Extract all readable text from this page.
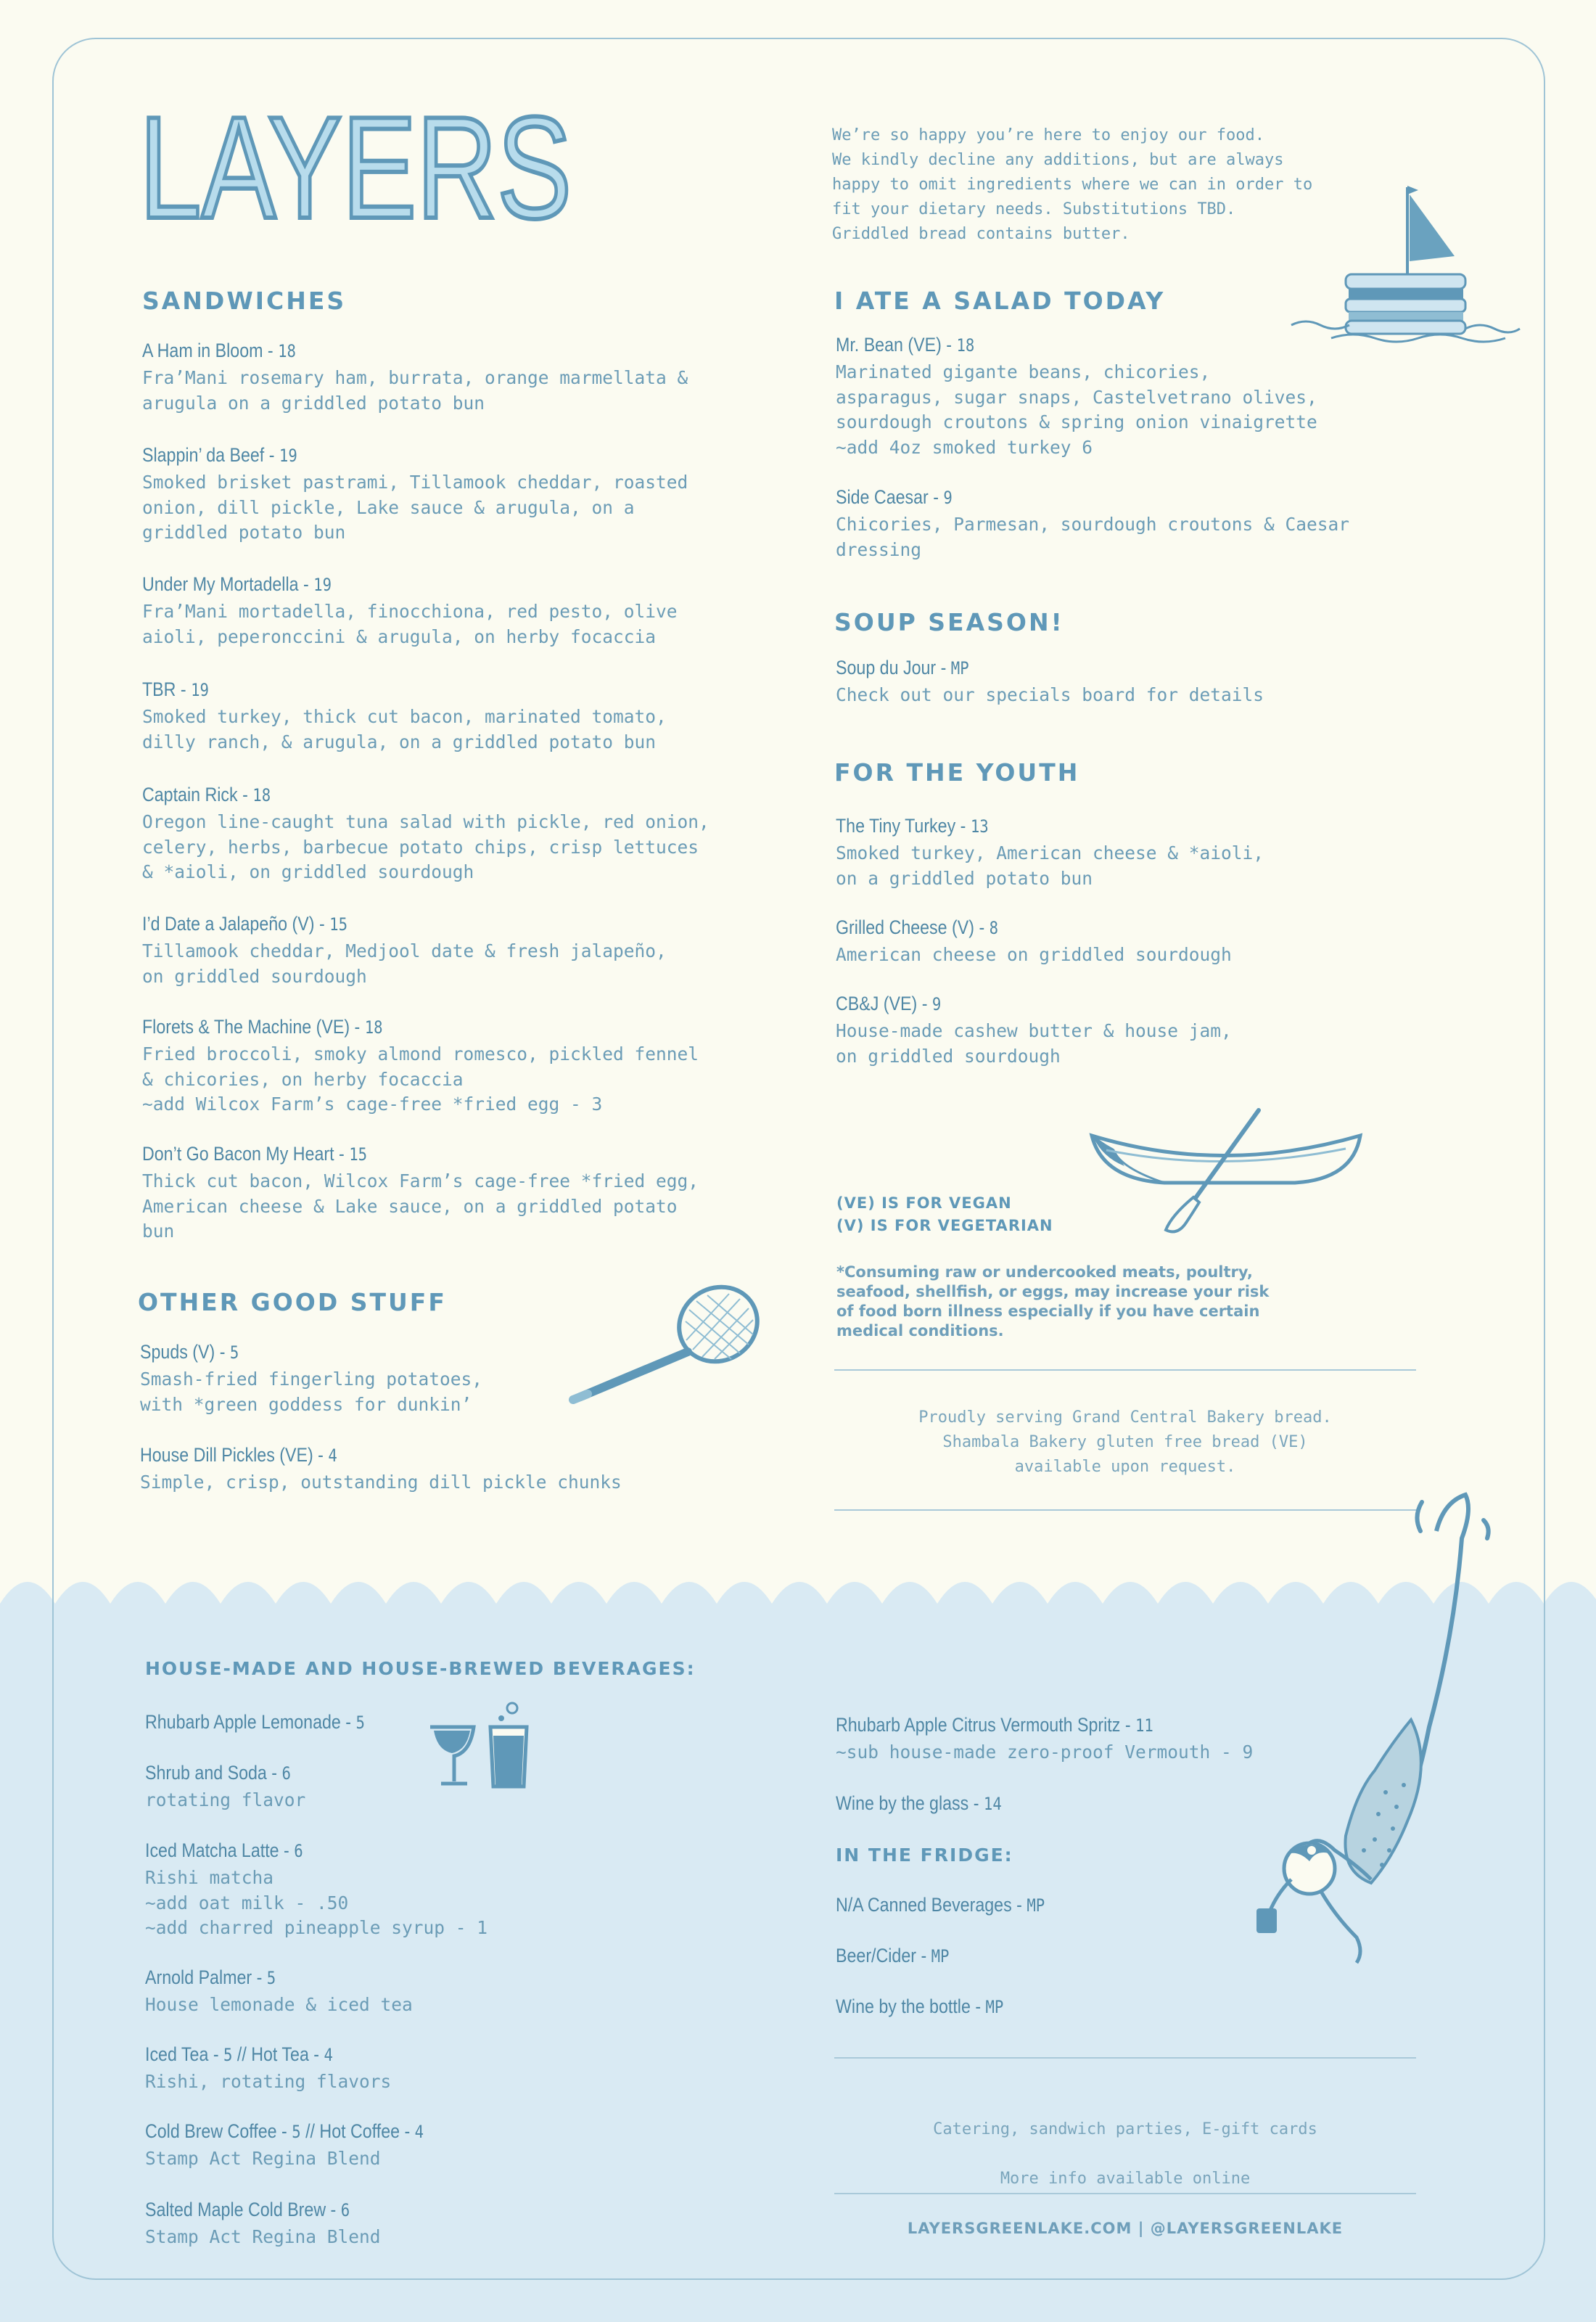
LAYERS	We’re so happy you’re here to enjoy our food.
We kindly decline any additions, but are always
happy to omit ingredients where we can in order to
fit your dietary needs. Substitutions TBD.
Griddled bread contains butter.
SANDWICHES
A Ham in Bloom - 18

Fra’Mani rosemary ham, burrata, orange marmellata &
arugula on a griddled potato bun

Slappin’ da Beef - 19

Smoked brisket pastrami, Tillamook cheddar, roasted
onion, dill pickle, Lake sauce & arugula, on a
griddled potato bun

Under My Mortadella - 19

Fra’Mani mortadella, finocchiona, red pesto, olive
aioli, peperonccini & arugula, on herby focaccia

TBR - 19

Smoked turkey, thick cut bacon, marinated tomato,
dilly ranch, & arugula, on a griddled potato bun

Captain Rick - 18

Oregon line-caught tuna salad with pickle, red onion,
celery, herbs, barbecue potato chips, crisp lettuces
& *aioli, on griddled sourdough

I’d Date a Jalapeño (V) - 15

Tillamook cheddar, Medjool date & fresh jalapeño,
on griddled sourdough

Florets & The Machine (VE) - 18

Fried broccoli, smoky almond romesco, pickled fennel
& chicories, on herby focaccia
~add Wilcox Farm’s cage-free *fried egg - 3

Don’t Go Bacon My Heart - 15

Thick cut bacon, Wilcox Farm’s cage-free *fried egg,
American cheese & Lake sauce, on a griddled potato
bun

OTHER GOOD STUFF
Spuds (V) - 5

Smash-fried fingerling potatoes,
with *green goddess for dunkin’

House Dill Pickles (VE) - 4

Simple, crisp, outstanding dill pickle chunks

I ATE A SALAD TODAY
Mr. Bean (VE) - 18

Marinated gigante beans, chicories,
asparagus, sugar snaps, Castelvetrano olives,
sourdough croutons & spring onion vinaigrette
~add 4oz smoked turkey 6

Side Caesar - 9

Chicories, Parmesan, sourdough croutons & Caesar
dressing

SOUP SEASON!
Soup du Jour - MP

Check out our specials board for details

FOR THE YOUTH
The Tiny Turkey - 13

Smoked turkey, American cheese & *aioli,
on a griddled potato bun

Grilled Cheese (V) - 8

American cheese on griddled sourdough

CB&J (VE) - 9

House-made cashew butter & house jam,
on griddled sourdough

(VE) IS FOR VEGAN
(V) IS FOR VEGETARIAN
*Consuming raw or undercooked meats, poultry, seafood, shellfish, or eggs, may increase your risk of food born illness especially if you have certain medical conditions.
Proudly serving Grand Central Bakery bread.
Shambala Bakery gluten free bread (VE)
available upon request.
HOUSE-MADE AND HOUSE-BREWED BEVERAGES:
Rhubarb Apple Lemonade - 5
Shrub and Soda - 6

rotating flavor

Iced Matcha Latte - 6

Rishi matcha
~add oat milk - .50
~add charred pineapple syrup - 1

Arnold Palmer - 5

House lemonade & iced tea

Iced Tea - 5 // Hot Tea - 4

Rishi, rotating flavors

Cold Brew Coffee - 5 // Hot Coffee - 4

Stamp Act Regina Blend

Salted Maple Cold Brew - 6

Stamp Act Regina Blend

Rhubarb Apple Citrus Vermouth Spritz - 11

~sub house-made zero-proof Vermouth - 9

Wine by the glass - 14
IN THE FRIDGE:
N/A Canned Beverages - MP
Beer/Cider - MP
Wine by the bottle - MP

Catering, sandwich parties, E-gift cards

More info available online

LAYERSGREENLAKE.COM | @LAYERSGREENLAKE
